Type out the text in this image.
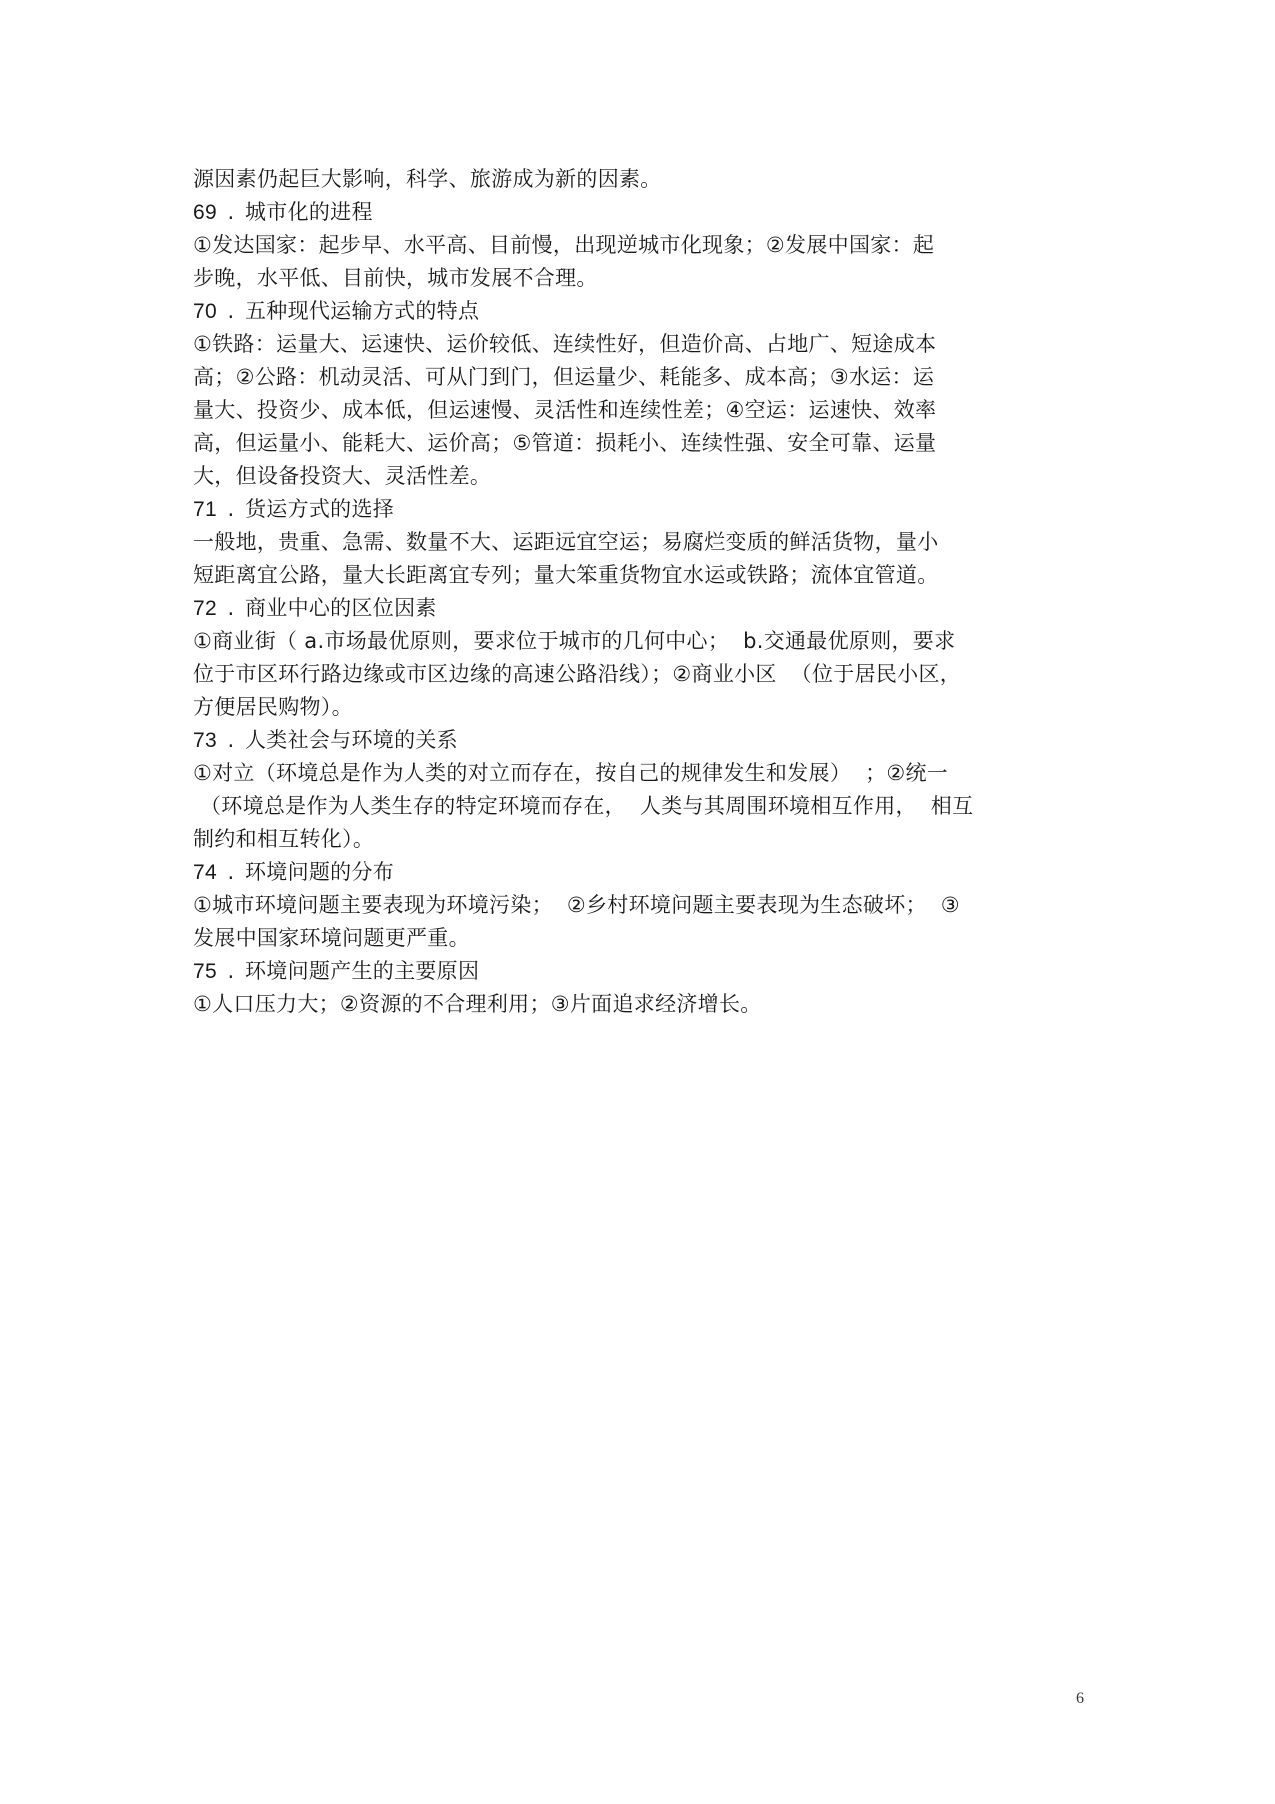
源因素仍起巨大影响，科学、旅游成为新的因素。
69 . 城市化的进程
①发达国家：起步早、水平高、目前慢，出现逆城市化现象；②发展中国家：起
步晚，水平低、目前快，城市发展不合理。
70 . 五种现代运输方式的特点
①铁路：运量大、运速快、运价较低、连续性好，但造价高、占地广、短途成本
高；②公路：机动灵活、可从门到门，但运量少、耗能多、成本高；③水运：运
量大、投资少、成本低，但运速慢、灵活性和连续性差；④空运：运速快、效率
高，但运量小、能耗大、运价高；⑤管道：损耗小、连续性强、安全可靠、运量
大，但设备投资大、灵活性差。
71 . 货运方式的选择
一般地，贵重、急需、数量不大、运距远宜空运；易腐烂变质的鲜活货物，量小
短距离宜公路，量大长距离宜专列；量大笨重货物宜水运或铁路；流体宜管道。
72 . 商业中心的区位因素
①商业街（ a.市场最优原则，要求位于城市的几何中心；  b.交通最优原则，要求
位于市区环行路边缘或市区边缘的高速公路沿线）；②商业小区  （位于居民小区，
方便居民购物）。
73 . 人类社会与环境的关系
①对立（环境总是作为人类的对立而存在，按自己的规律发生和发展）  ；②统一
（环境总是作为人类生存的特定环境而存在，  人类与其周围环境相互作用，  相互
制约和相互转化）。
74 . 环境问题的分布
①城市环境问题主要表现为环境污染；  ②乡村环境问题主要表现为生态破坏；  ③
发展中国家环境问题更严重。
75 . 环境问题产生的主要原因
①人口压力大；②资源的不合理利用；③片面追求经济增长。
6
